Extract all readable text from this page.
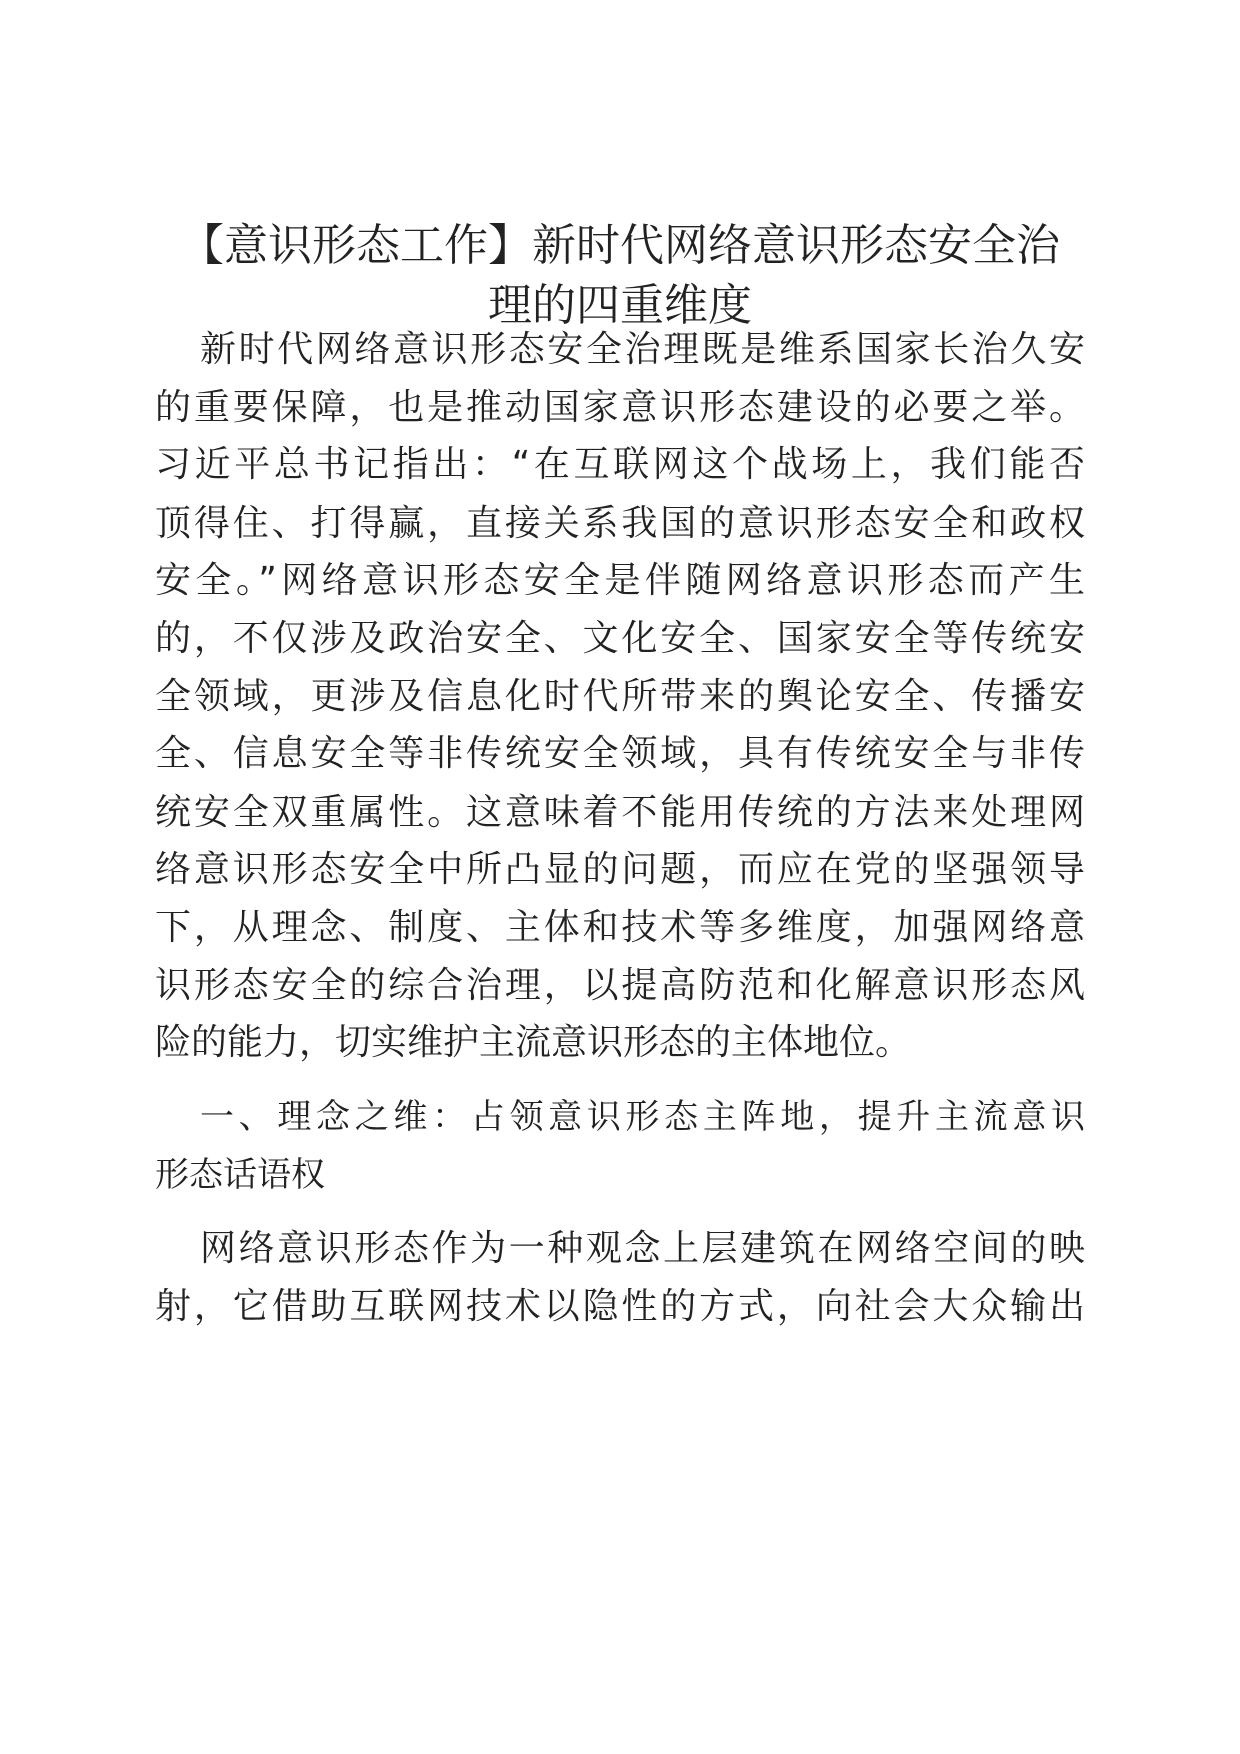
【意识形态工作】新时代网络意识形态安全治
理的四重维度
新时代网络意识形态安全治理既是维系国家长治久安
的重要保障，也是推动国家意识形态建设的必要之举。
习近平总书记指出：“在互联网这个战场上，我们能否
顶得住、打得赢，直接关系我国的意识形态安全和政权
安全。”网络意识形态安全是伴随网络意识形态而产生
的，不仅涉及政治安全、文化安全、国家安全等传统安
全领域，更涉及信息化时代所带来的舆论安全、传播安
全、信息安全等非传统安全领域，具有传统安全与非传
统安全双重属性。这意味着不能用传统的方法来处理网
络意识形态安全中所凸显的问题，而应在党的坚强领导
下，从理念、制度、主体和技术等多维度，加强网络意
识形态安全的综合治理，以提高防范和化解意识形态风
险的能力，切实维护主流意识形态的主体地位。
一、理念之维：占领意识形态主阵地，提升主流意识
形态话语权
网络意识形态作为一种观念上层建筑在网络空间的映
射，它借助互联网技术以隐性的方式，向社会大众输出
